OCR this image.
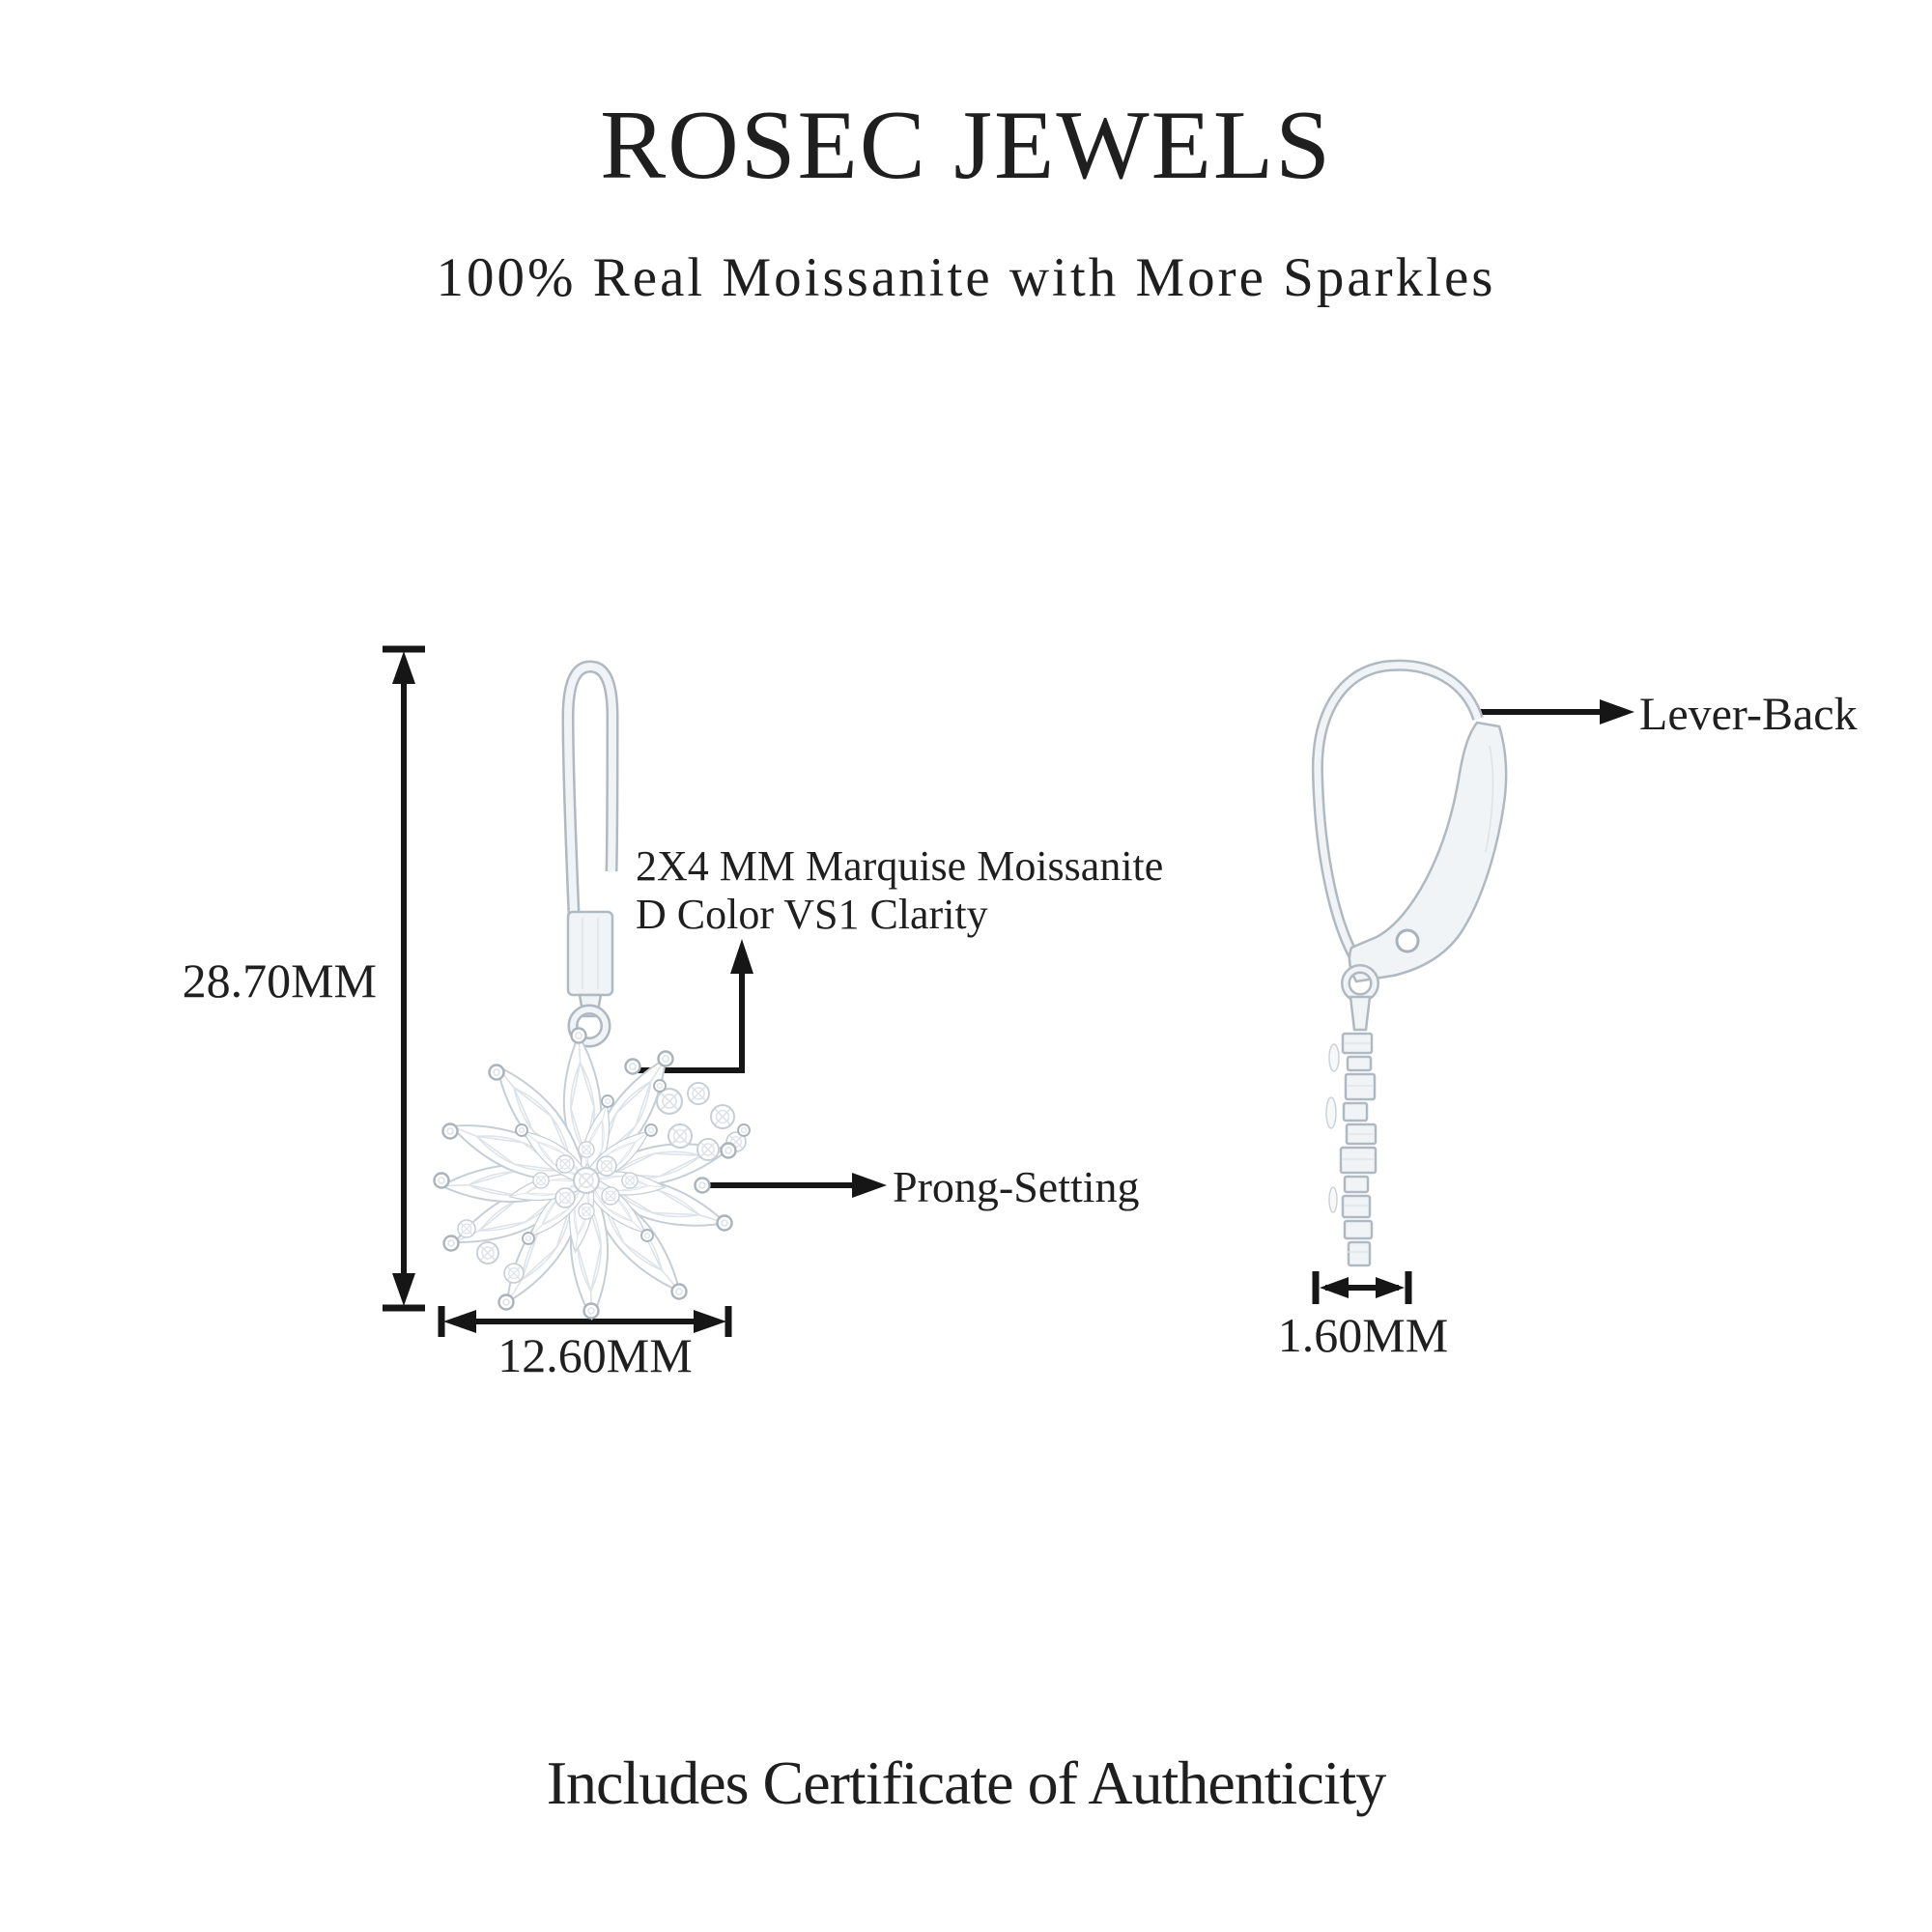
ROSEC JEWELS
100% Real Moissanite with More Sparkles
28.70MM
12.60MM	1.60MM
2X4 MM Marquise Moissanite
D Color VS1 Clarity
Prong-Setting
Lever-Back
Includes Certificate of Authenticity
